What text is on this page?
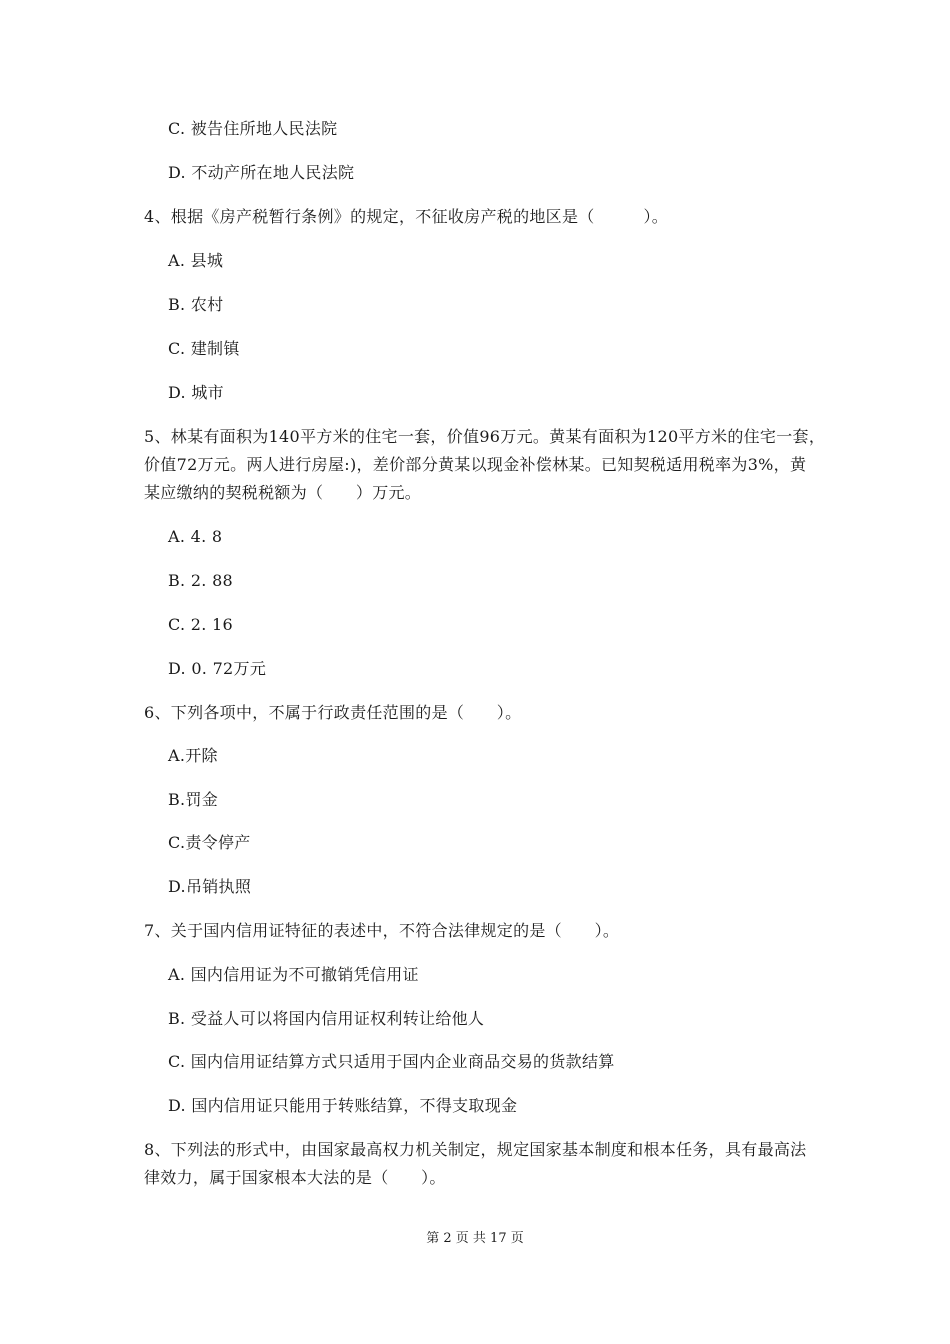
C. 被告住所地人民法院
D. 不动产所在地人民法院
4、根据《房产税暂行条例》的规定，不征收房产税的地区是（　　　）。
A. 县城
B. 农村
C. 建制镇
D. 城市
5、林某有面积为140平方米的住宅一套，价值96万元。黄某有面积为120平方米的住宅一套，
价值72万元。两人进行房屋:)，差价部分黄某以现金补偿林某。已知契税适用税率为3%，黄
某应缴纳的契税税额为（　　）万元。
A. 4. 8
B. 2. 88
C. 2. 16
D. 0. 72万元
6、下列各项中，不属于行政责任范围的是（　　）。
A.开除
B.罚金
C.责令停产
D.吊销执照
7、关于国内信用证特征的表述中，不符合法律规定的是（　　）。
A. 国内信用证为不可撤销凭信用证
B. 受益人可以将国内信用证权利转让给他人
C. 国内信用证结算方式只适用于国内企业商品交易的货款结算
D. 国内信用证只能用于转账结算，不得支取现金
8、下列法的形式中，由国家最高权力机关制定，规定国家基本制度和根本任务，具有最高法
律效力，属于国家根本大法的是（　　）。
第 2 页 共 17 页
